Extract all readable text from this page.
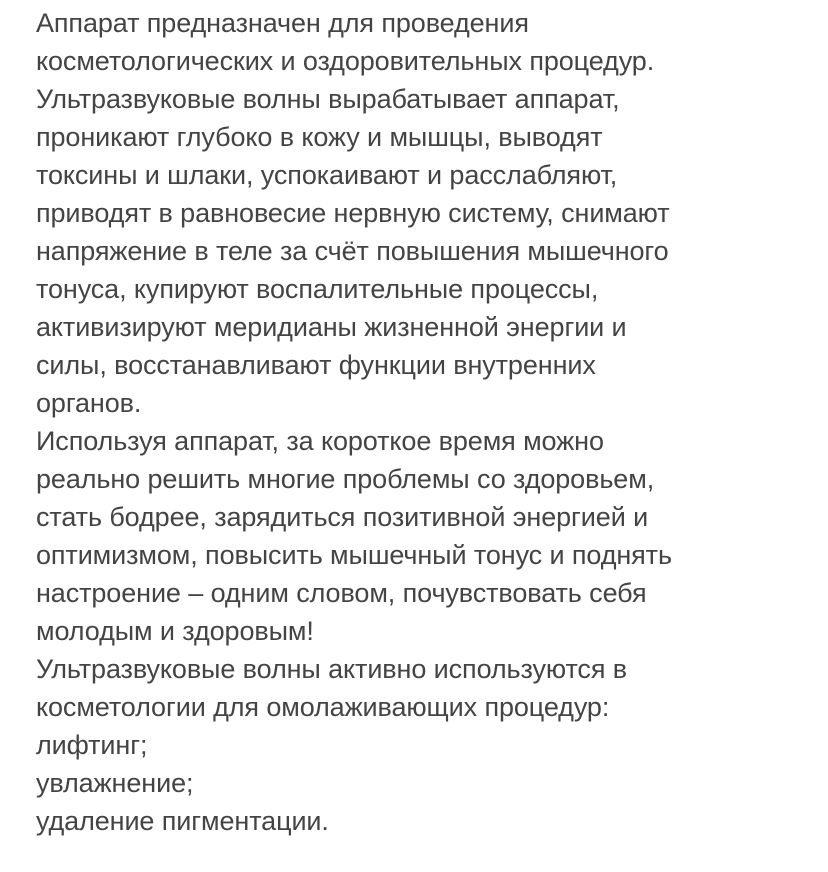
Аппарат предназначен для проведения

косметологических и оздоровительных процедур.

Ультразвуковые волны вырабатывает аппарат,

проникают глубоко в кожу и мышцы, выводят

токсины и шлаки, успокаивают и расслабляют,

приводят в равновесие нервную систему, снимают

напряжение в теле за счёт повышения мышечного

тонуса, купируют воспалительные процессы,

активизируют меридианы жизненной энергии и

силы, восстанавливают функции внутренних

органов.

Используя аппарат, за короткое время можно

реально решить многие проблемы со здоровьем,

стать бодрее, зарядиться позитивной энергией и

оптимизмом, повысить мышечный тонус и поднять

настроение – одним словом, почувствовать себя

молодым и здоровым!

Ультразвуковые волны активно используются в

косметологии для омолаживающих процедур:

лифтинг;

увлажнение;

удаление пигментации.
